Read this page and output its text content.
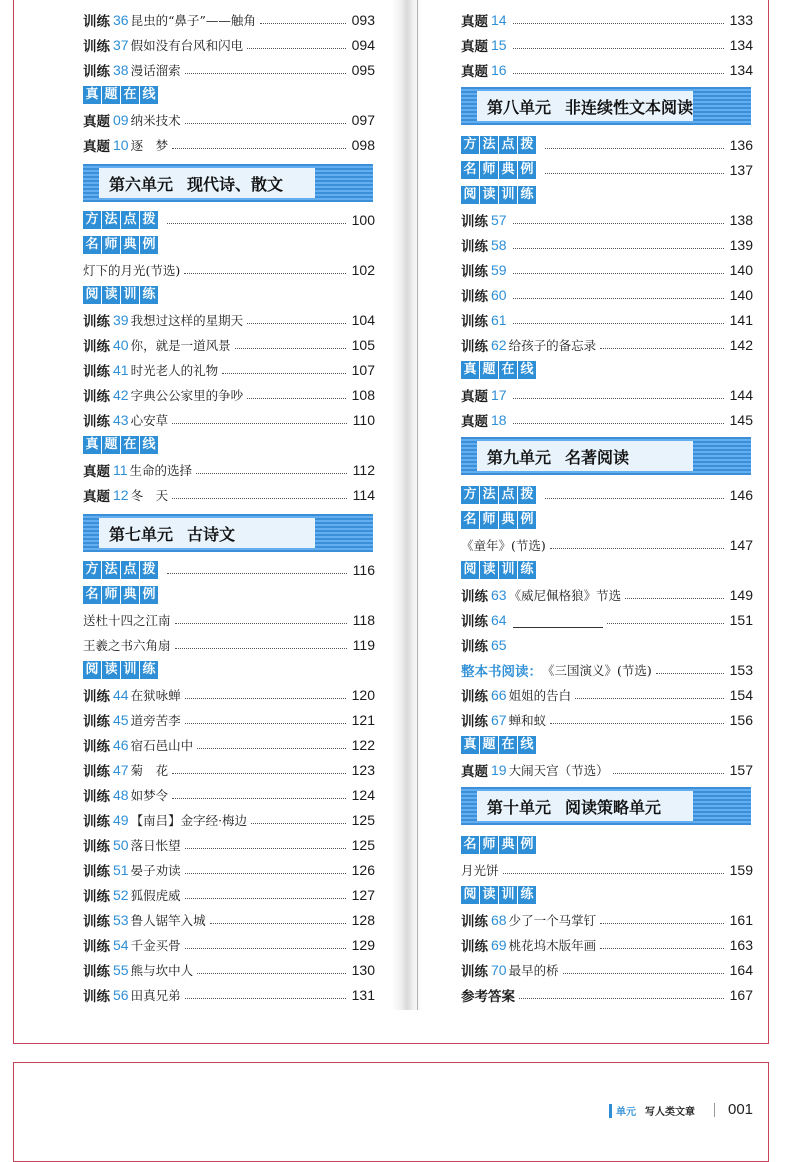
训练 36 昆虫的“鼻子”——触角	093
训练 37 假如没有台风和闪电	094
训练 38 漫话溜索	095
真 题 在 线
真题 09 纳米技术	097
真题 10 逐　梦	098
第六单元 现代诗、散文
方 法 点 拨	100
名 师 典 例
灯下的月光(节选)	102
阅 读 训 练
训练 39 我想过这样的星期天	104
训练 40 你，就是一道风景	105
训练 41 时光老人的礼物	107
训练 42 字典公公家里的争吵	108
训练 43 心安草	110
真 题 在 线
真题 11 生命的选择	112
真题 12 冬　天	114
第七单元 古诗文
方 法 点 拨	116
名 师 典 例
送杜十四之江南	118
王羲之书六角扇	119
阅 读 训 练
训练 44 在狱咏蝉	120
训练 45 道旁苦李	121
训练 46 宿石邑山中	122
训练 47 菊　花	123
训练 48 如梦令	124
训练 49 【南吕】金字经·梅边	125
训练 50 落日怅望	125
训练 51 晏子劝读	126
训练 52 狐假虎威	127
训练 53 鲁人锯竿入城	128
训练 54 千金买骨	129
训练 55 熊与坎中人	130
训练 56 田真兄弟	131
真题 14	133
真题 15	134
真题 16	134
第八单元 非连续性文本阅读
方 法 点 拨	136
名 师 典 例	137
阅 读 训 练
训练 57	138
训练 58	139
训练 59	140
训练 60	140
训练 61	141
训练 62 给孩子的备忘录	142
真 题 在 线
真题 17	144
真题 18	145
第九单元 名著阅读
方 法 点 拨	146
名 师 典 例
《童年》(节选)	147
阅 读 训 练
训练 63 《威尼佩格狼》节选	149
训练 64	151
训练 65
整本书阅读： 《三国演义》(节选)	153
训练 66 姐姐的告白	154
训练 67 蝉和蚁	156
真 题 在 线
真题 19 大闹天宫（节选）	157
第十单元 阅读策略单元
名 师 典 例
月光饼	159
阅 读 训 练
训练 68 少了一个马掌钉	161
训练 69 桃花坞木版年画	163
训练 70 最早的桥	164
参考答案	167
单元 写人类文章 001
